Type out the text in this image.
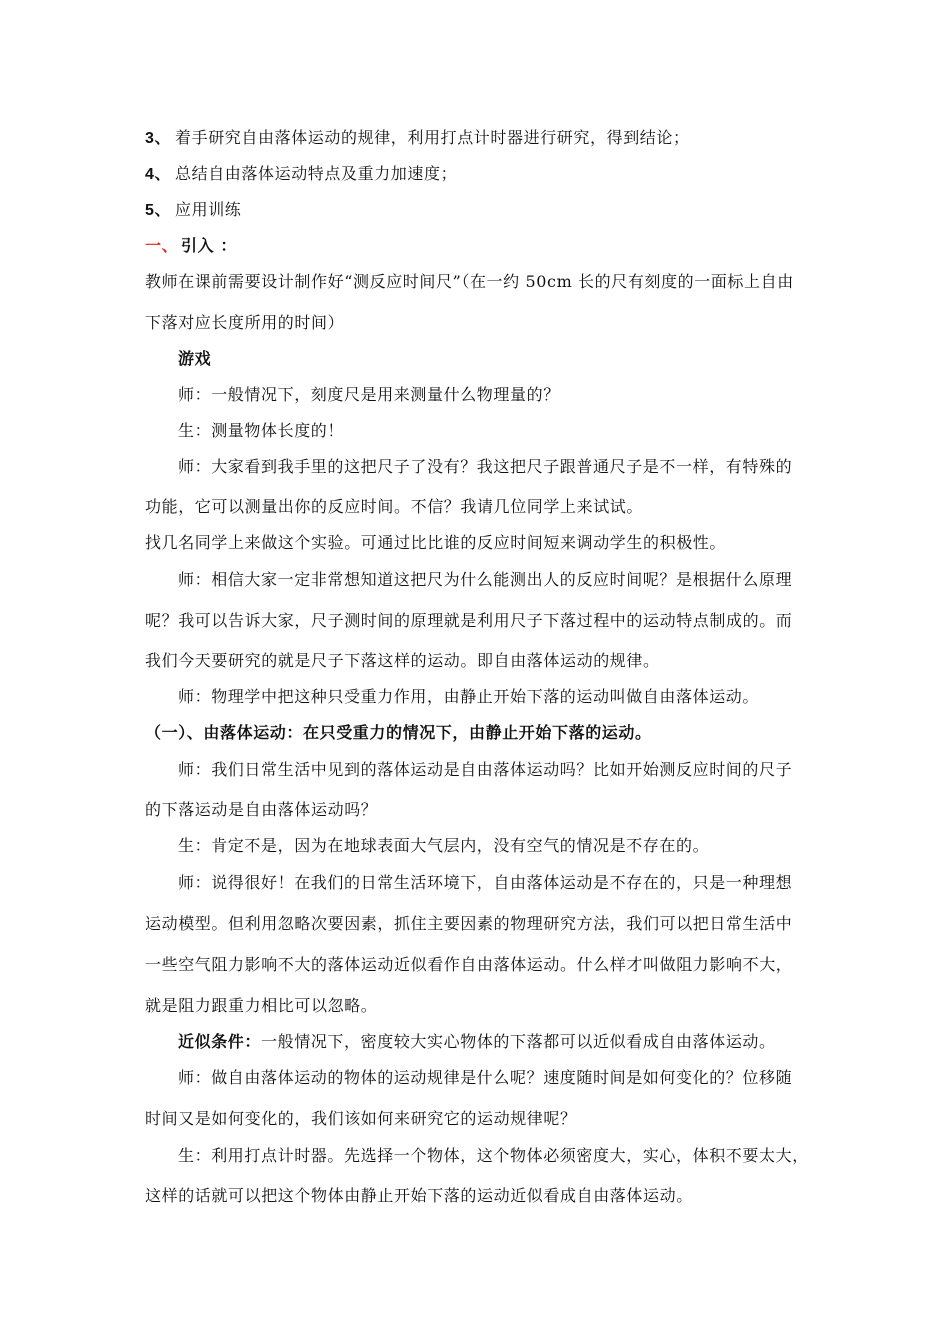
3、 着手研究自由落体运动的规律，利用打点计时器进行研究，得到结论；
4、 总结自由落体运动特点及重力加速度；
5、 应用训练
一、 引入 ：
教师在课前需要设计制作好“测反应时间尺”（在一约 50cm 长的尺有刻度的一面标上自由
下落对应长度所用的时间）
游戏
师：一般情况下，刻度尺是用来测量什么物理量的？
生：测量物体长度的！
师：大家看到我手里的这把尺子了没有？我这把尺子跟普通尺子是不一样，有特殊的
功能，它可以测量出你的反应时间。不信？我请几位同学上来试试。
找几名同学上来做这个实验。可通过比比谁的反应时间短来调动学生的积极性。
师：相信大家一定非常想知道这把尺为什么能测出人的反应时间呢？是根据什么原理
呢？我可以告诉大家，尺子测时间的原理就是利用尺子下落过程中的运动特点制成的。而
我们今天要研究的就是尺子下落这样的运动。即自由落体运动的规律。
师：物理学中把这种只受重力作用，由静止开始下落的运动叫做自由落体运动。
（一）、由落体运动：在只受重力的情况下，由静止开始下落的运动。
师：我们日常生活中见到的落体运动是自由落体运动吗？比如开始测反应时间的尺子
的下落运动是自由落体运动吗？
生：肯定不是，因为在地球表面大气层内，没有空气的情况是不存在的。
师：说得很好！在我们的日常生活环境下，自由落体运动是不存在的，只是一种理想
运动模型。但利用忽略次要因素，抓住主要因素的物理研究方法，我们可以把日常生活中
一些空气阻力影响不大的落体运动近似看作自由落体运动。什么样才叫做阻力影响不大，
就是阻力跟重力相比可以忽略。
近似条件：一般情况下，密度较大实心物体的下落都可以近似看成自由落体运动。
师：做自由落体运动的物体的运动规律是什么呢？速度随时间是如何变化的？位移随
时间又是如何变化的，我们该如何来研究它的运动规律呢？
生：利用打点计时器。先选择一个物体，这个物体必须密度大，实心，体积不要太大，
这样的话就可以把这个物体由静止开始下落的运动近似看成自由落体运动。
